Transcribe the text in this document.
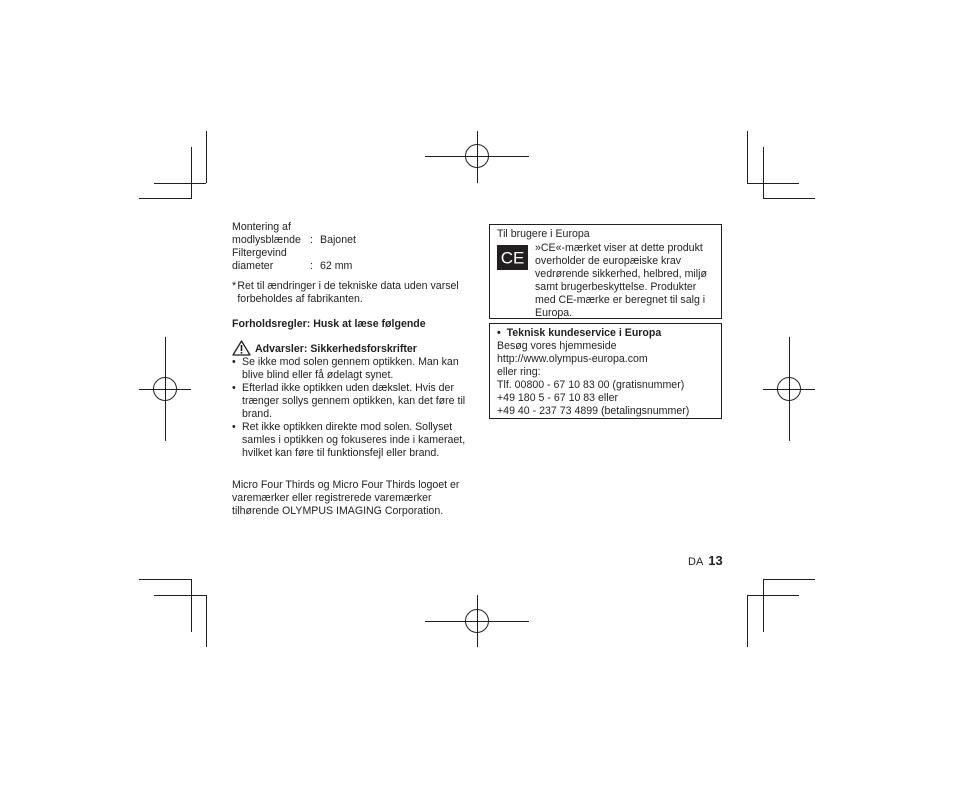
Montering af
modlysblænde : Bajonet
Filtergevind
diameter	: 62 mm
* Ret til ændringer i de tekniske data uden varsel forbeholdes af fabrikanten.
Forholdsregler: Husk at læse følgende
Advarsler: Sikkerhedsforskrifter
• Se ikke mod solen gennem optikken. Man kan blive blind eller få ødelagt synet.
• Efterlad ikke optikken uden dækslet. Hvis der trænger sollys gennem optikken, kan det føre til brand.
• Ret ikke optikken direkte mod solen. Sollyset samles i optikken og fokuseres inde i kameraet, hvilket kan føre til funktionsfejl eller brand.
Micro Four Thirds og Micro Four Thirds logoet er varemærker eller registrerede varemærker tilhørende OLYMPUS IMAGING Corporation.
Til brugere i Europa
CE
»CE«-mærket viser at dette produkt overholder de europæiske krav vedrørende sikkerhed, helbred, miljø samt brugerbeskyttelse. Produkter med CE-mærke er beregnet til salg i Europa.
• Teknisk kundeservice i Europa
Besøg vores hjemmeside
http://www.olympus-europa.com
eller ring:
Tlf. 00800 - 67 10 83 00 (gratisnummer)
+49 180 5 - 67 10 83 eller
+49 40 - 237 73 4899 (betalingsnummer)
DA 13
